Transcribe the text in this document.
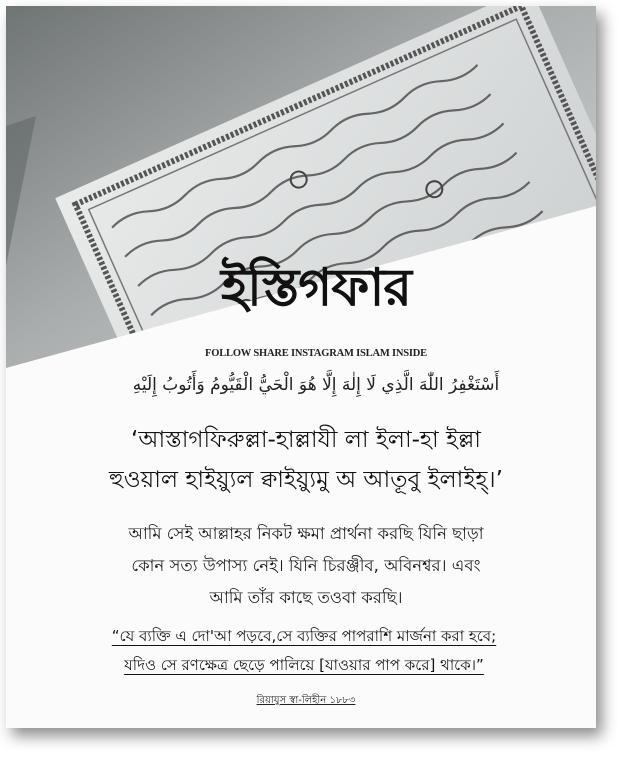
ইস্তিগফার
FOLLOW SHARE INSTAGRAM ISLAM INSIDE
أَسْتَغْفِرُ اللّٰهَ الَّذِي لَا إِلٰهَ إِلَّا هُوَ الْحَيُّ الْقَيُّومُ وَأَتُوبُ إِلَيْهِ
‘আস্তাগফিরুল্লা-হাল্লাযী লা ইলা-হা ইল্লা
হুওয়াল হাইয়্যুল ক্বাইয়্যুমু অ আতূবু ইলাইহ্।’
আমি সেই আল্লাহর নিকট ক্ষমা প্রার্থনা করছি যিনি ছাড়া
কোন সত্য উপাস্য নেই। যিনি চিরঞ্জীব, অবিনশ্বর। এবং
আমি তাঁর কাছে তওবা করছি।
“যে ব্যক্তি এ দো'আ পড়বে,সে ব্যক্তির পাপরাশি মার্জনা করা হবে;
যদিও সে রণক্ষেত্র ছেড়ে পালিয়ে [যাওয়ার পাপ করে] থাকে।”
রিয়াযুস স্বা-লিহীন ১৮৮৩
